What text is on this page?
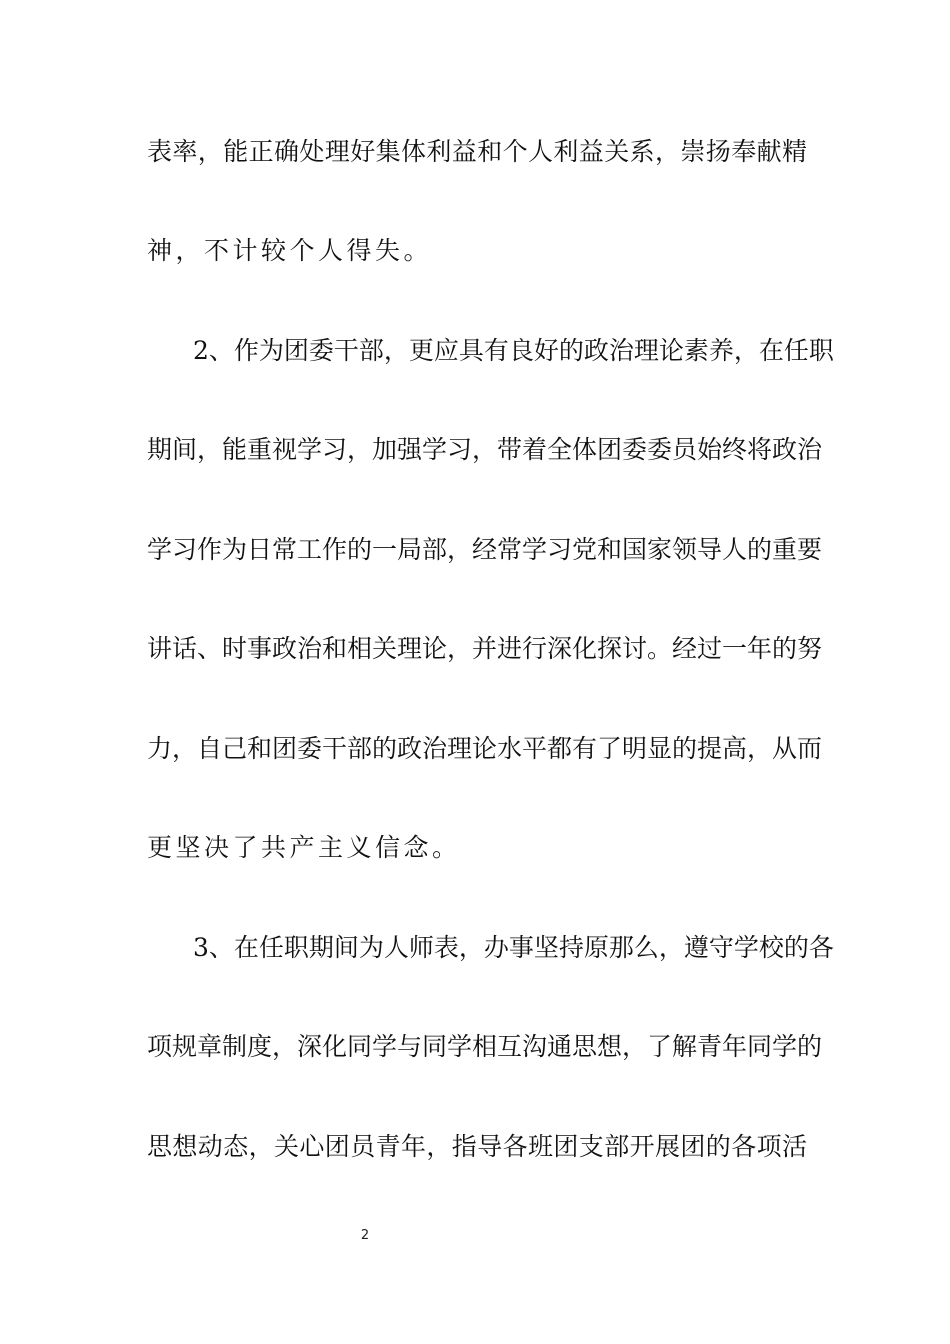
表率，能正确处理好集体利益和个人利益关系，崇扬奉献精
神，不计较个人得失。
2、作为团委干部，更应具有良好的政治理论素养，在任职
期间，能重视学习，加强学习，带着全体团委委员始终将政治
学习作为日常工作的一局部，经常学习党和国家领导人的重要
讲话、时事政治和相关理论，并进行深化探讨。经过一年的努
力，自己和团委干部的政治理论水平都有了明显的提高，从而
更坚决了共产主义信念。
3、在任职期间为人师表，办事坚持原那么，遵守学校的各
项规章制度，深化同学与同学相互沟通思想，了解青年同学的
思想动态，关心团员青年，指导各班团支部开展团的各项活
2
